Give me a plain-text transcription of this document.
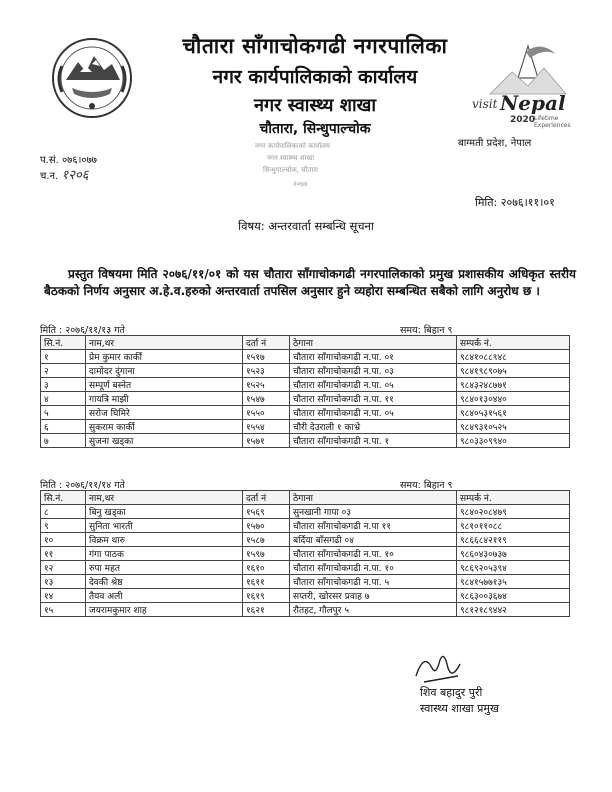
चौतारा साँगाचोकगढी नगरपालिका
नगर कार्यपालिकाको कार्यालय
नगर स्वास्थ्य शाखा
चौतारा, सिन्धुपाल्चोक
visit Nepal
2020
Lifetime
Experiences
बाग्मती प्रदेश, नेपाल
प.सं. ०७६।०७७
च.न. १२०६
नगर कार्यपालिकाको कार्यालय
नगर स्वास्थ्य शाखा
सिन्धुपाल्चोक, चौतारा
२०७४
मिति: २०७६।११।०१
विषय: अन्तरवार्ता सम्बन्धि सूचना
प्रस्तुत विषयमा मिति २०७६/११/०१ को यस चौतारा साँगाचोकगढी नगरपालिकाको प्रमुख प्रशासकीय अधिकृत स्तरीय बैठकको निर्णय अनुसार अ.हे.व.हरुको अन्तरवार्ता तपसिल अनुसार हुने व्यहोरा सम्बन्धित सबैको लागि अनुरोध छ ।
मिति : २०७६/११/१३ गते	समय: बिहान ९
सि.नं.	नाम,थर	दर्ता नं	ठेगाना	सम्पर्क नं.
१	प्रेम कुमार कार्की	१५१७	चौतारा साँगाचोकगढी न.पा. ०१	९८४१०८८९४८
२	दामोदर दुंगाना	१५२३	चौतारा साँगाचोकगढी न.पा. ०३	९८४१९८९०७५
३	सम्पूर्ण बस्नेत	१५२५	चौतारा साँगाचोकगढी न.पा. ०५	९८४३२४८७७१
४	गायत्रि माझी	१५४७	चौतारा साँगाचोकगढी न.पा. ११	९८४०१३०४४०
५	सरोज घिमिरे	१५५०	चौतारा साँगाचोकगढी न.पा. ०५	९८४०५३१५६१
६	सुकराम कार्की	१५५४	चौरी देउराली १ काभ्रे	९८४९३१०५२५
७	सुजना खड्का	१५७१	चौतारा साँगाचोकगढी न.पा. १	९८०३३०९९४०
मिति : २०७६/११/१४ गते	समय: बिहान ९
सि.नं.	नाम,थर	दर्ता नं	ठेगाना	सम्पर्क नं.
८	बिनु खड्का	१५६९	सुनखानी गापा ०३	९८४०२०८४७९
९	सुनिता भारती	१५७०	चौतारा साँगाचोकगढी न.पा ११	९८१०११०८८
१०	विक्रम थारु	१५८७	बर्दिया बाँसगढी ०४	९८६६८४२११९
११	गंगा पाठक	१५९७	चौतारा साँगाचोकगढी न.पा. १०	९८६०४३०७३७
१२	रुपा महत	१६१०	चौतारा साँगाचोकगढी न.पा. १०	९८६९२०५३९४
१३	देवकी श्रेष्ठ	१६११	चौतारा साँगाचोकगढी न.पा. ५	९८४१५७७१३५
१४	तैयव अली	१६१९	सप्तरी, खोरसर प्रवाह ७	९८६३००३६७४
१५	जयरामकुमार शाह	१६२१	रौतहट, गौलपुर ५	९८१२१८९४४२
शिव बहादुर पुरी
स्वास्थ्य शाखा प्रमुख
